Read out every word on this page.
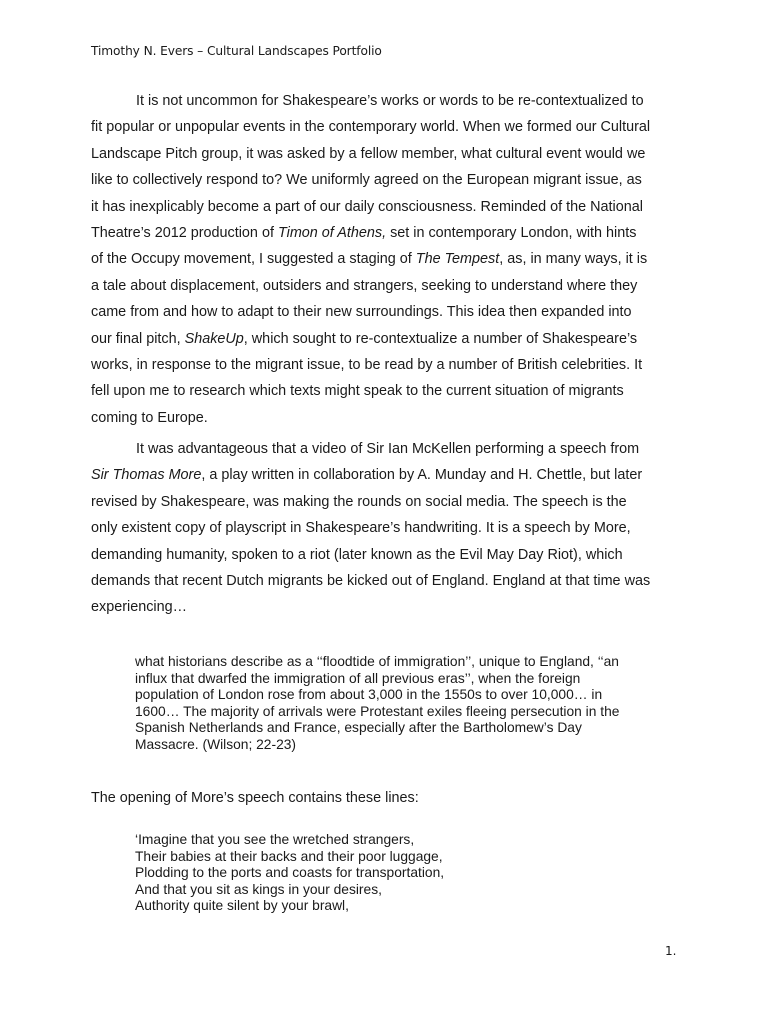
Timothy N. Evers – Cultural Landscapes Portfolio
It is not uncommon for Shakespeare’s works or words to be re-contextualized to
fit popular or unpopular events in the contemporary world. When we formed our Cultural
Landscape Pitch group, it was asked by a fellow member, what cultural event would we
like to collectively respond to? We uniformly agreed on the European migrant issue, as
it has inexplicably become a part of our daily consciousness. Reminded of the National
Theatre’s 2012 production of Timon of Athens, set in contemporary London, with hints
of the Occupy movement, I suggested a staging of The Tempest, as, in many ways, it is
a tale about displacement, outsiders and strangers, seeking to understand where they
came from and how to adapt to their new surroundings. This idea then expanded into
our final pitch, ShakeUp, which sought to re-contextualize a number of Shakespeare’s
works, in response to the migrant issue, to be read by a number of British celebrities. It
fell upon me to research which texts might speak to the current situation of migrants
coming to Europe.
It was advantageous that a video of Sir Ian McKellen performing a speech from
Sir Thomas More, a play written in collaboration by A. Munday and H. Chettle, but later
revised by Shakespeare, was making the rounds on social media. The speech is the
only existent copy of playscript in Shakespeare’s handwriting. It is a speech by More,
demanding humanity, spoken to a riot (later known as the Evil May Day Riot), which
demands that recent Dutch migrants be kicked out of England. England at that time was
experiencing…
what historians describe as a ‘‘floodtide of immigration’’, unique to England, ‘‘an
influx that dwarfed the immigration of all previous eras’’, when the foreign
population of London rose from about 3,000 in the 1550s to over 10,000… in
1600… The majority of arrivals were Protestant exiles fleeing persecution in the
Spanish Netherlands and France, especially after the Bartholomew’s Day
Massacre. (Wilson; 22-23)
The opening of More’s speech contains these lines:
‘Imagine that you see the wretched strangers,
Their babies at their backs and their poor luggage,
Plodding to the ports and coasts for transportation,
And that you sit as kings in your desires,
Authority quite silent by your brawl,
1.
